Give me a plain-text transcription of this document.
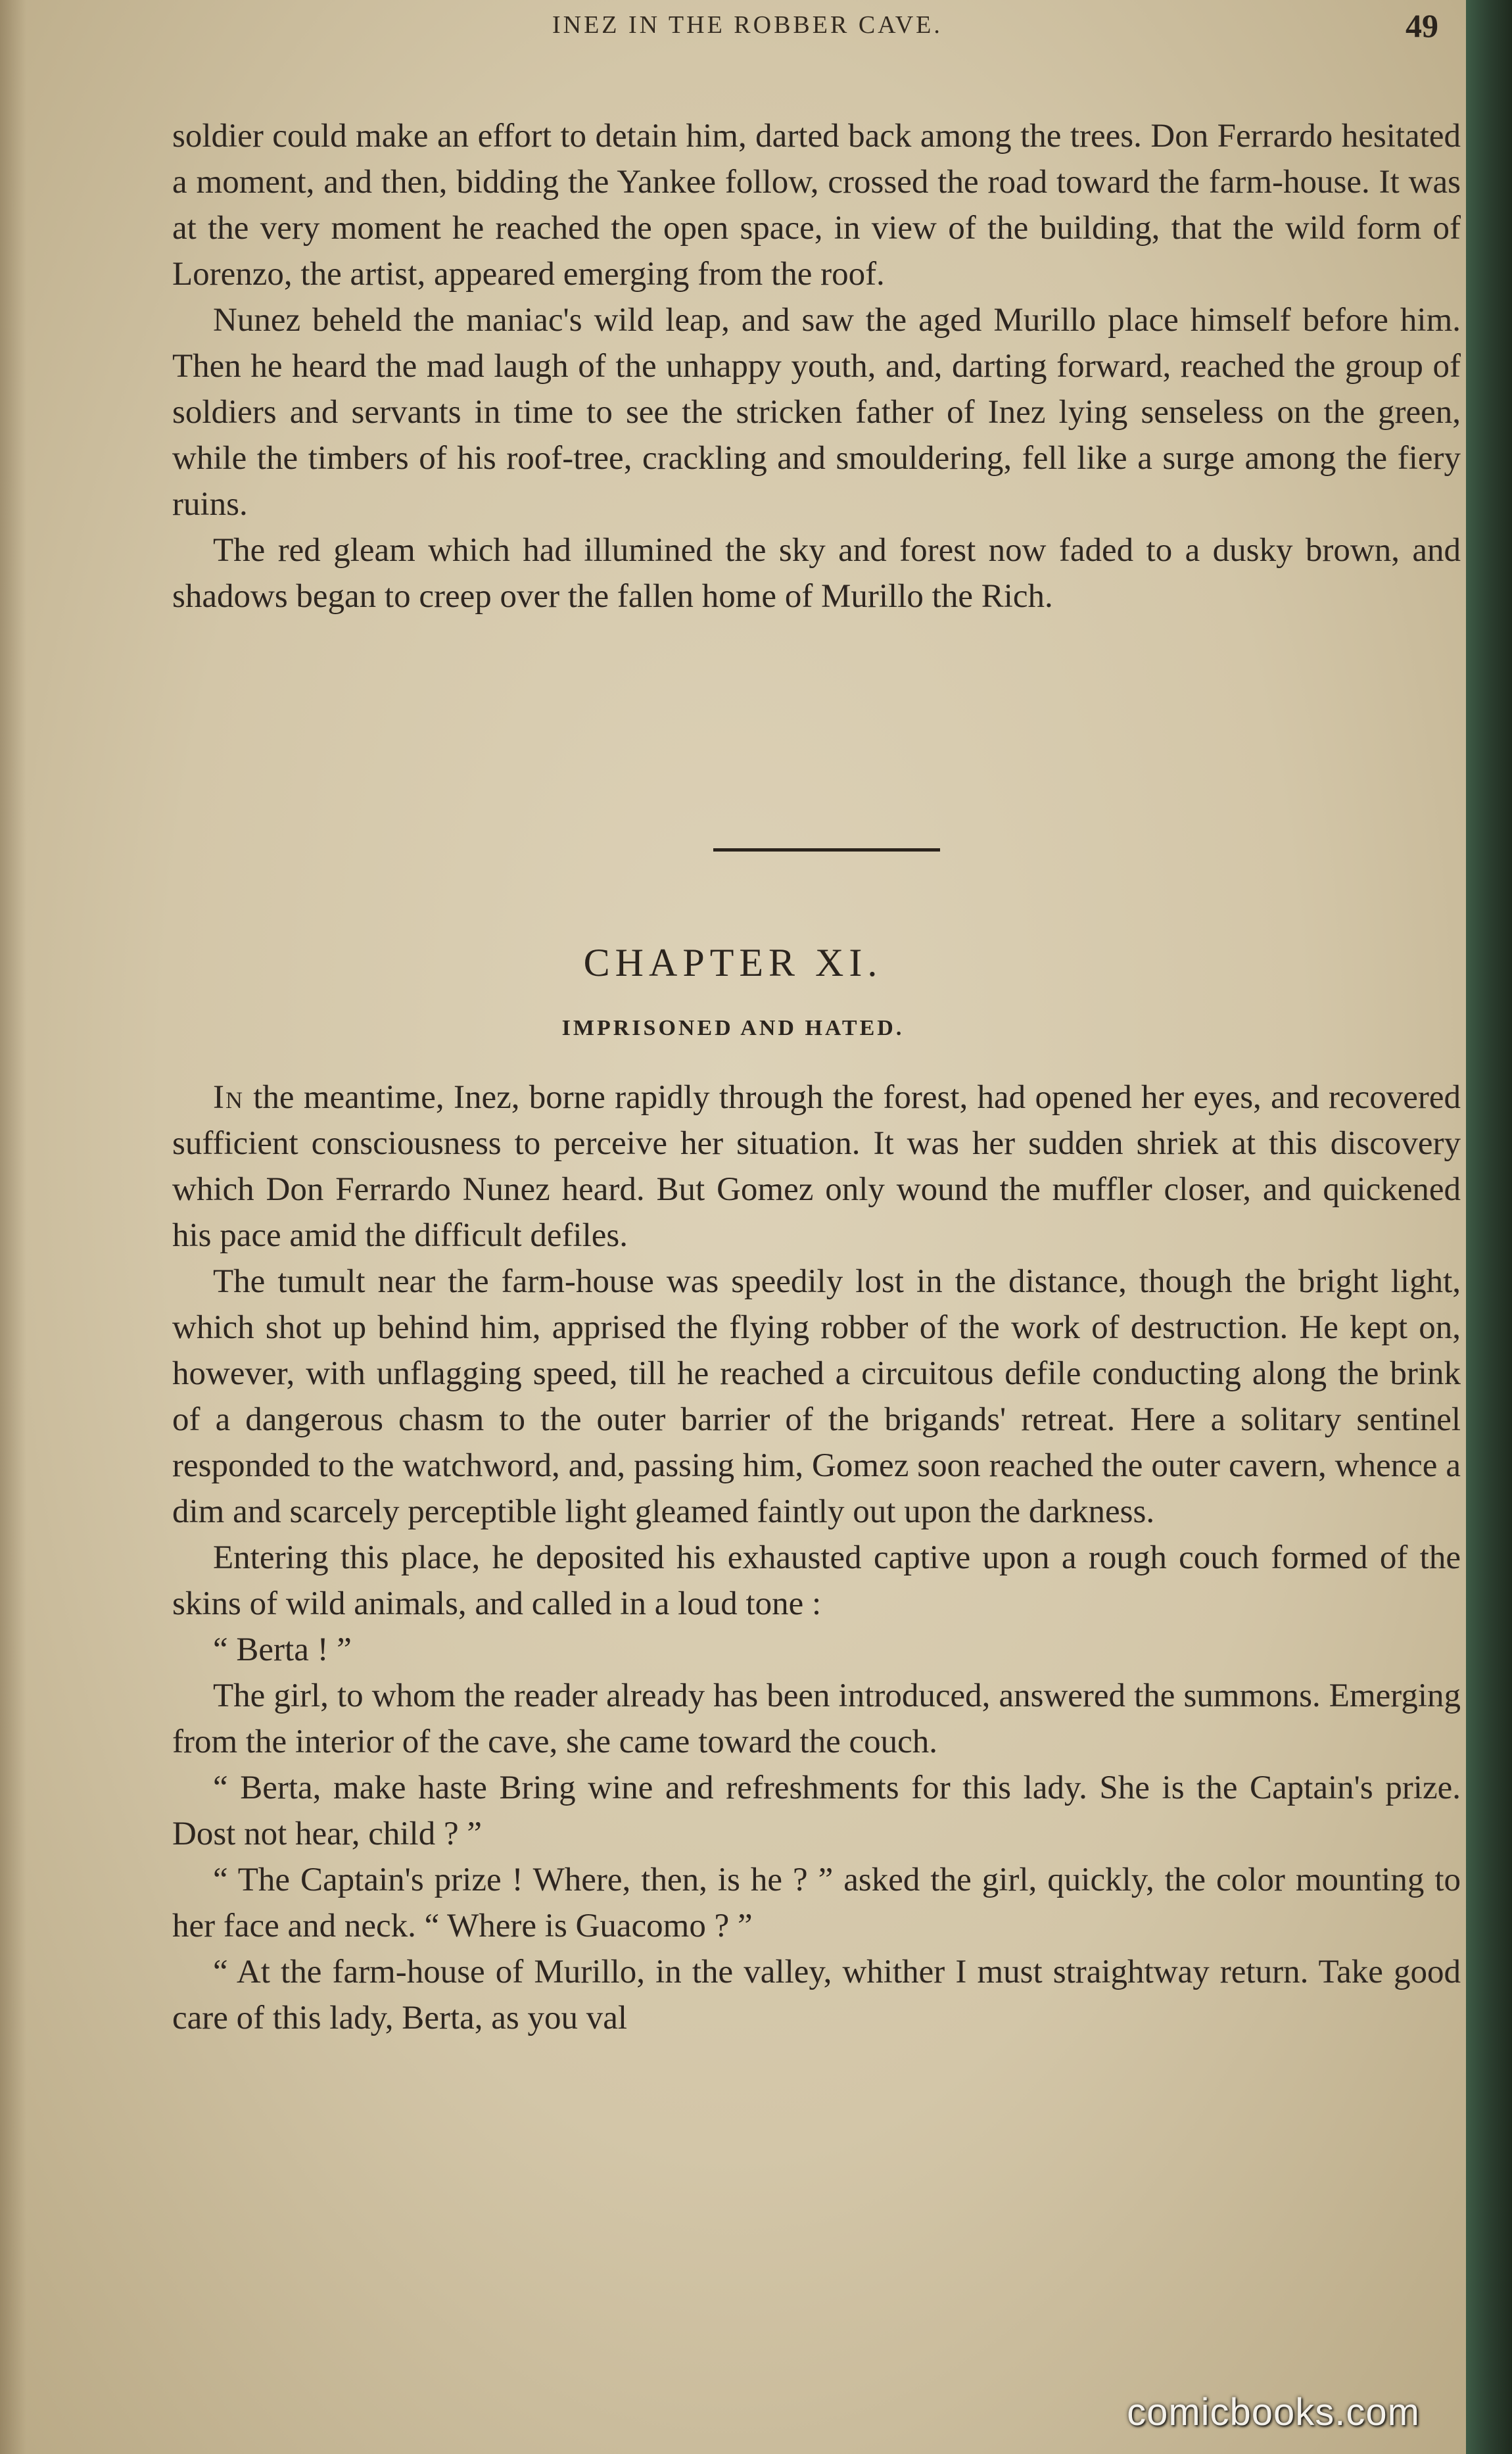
INEZ IN THE ROBBER CAVE.	49

soldier could make an effort to detain him, darted back among the trees. Don Ferrardo hesitated a moment, and then, bidding the Yankee follow, crossed the road toward the farm-house. It was at the very moment he reached the open space, in view of the building, that the wild form of Lorenzo, the artist, appeared emerging from the roof.

Nunez beheld the maniac's wild leap, and saw the aged Murillo place himself before him. Then he heard the mad laugh of the unhappy youth, and, darting forward, reached the group of soldiers and servants in time to see the stricken father of Inez lying senseless on the green, while the timbers of his roof-tree, crackling and smouldering, fell like a surge among the fiery ruins.

The red gleam which had illumined the sky and forest now faded to a dusky brown, and shadows began to creep over the fallen home of Murillo the Rich.

CHAPTER XI.
IMPRISONED AND HATED.

In the meantime, Inez, borne rapidly through the forest, had opened her eyes, and recovered sufficient consciousness to perceive her situation. It was her sudden shriek at this discovery which Don Ferrardo Nunez heard. But Gomez only wound the muffler closer, and quickened his pace amid the difficult defiles.

The tumult near the farm-house was speedily lost in the distance, though the bright light, which shot up behind him, apprised the flying robber of the work of destruction. He kept on, however, with unflagging speed, till he reached a circuitous defile conducting along the brink of a dangerous chasm to the outer barrier of the brigands' retreat. Here a solitary sentinel responded to the watchword, and, passing him, Gomez soon reached the outer cavern, whence a dim and scarcely perceptible light gleamed faintly out upon the darkness.

Entering this place, he deposited his exhausted captive upon a rough couch formed of the skins of wild animals, and called in a loud tone :

“ Berta ! ”

The girl, to whom the reader already has been introduced, answered the summons. Emerging from the interior of the cave, she came toward the couch.

“ Berta, make haste Bring wine and refreshments for this lady. She is the Captain's prize. Dost not hear, child ? ”

“ The Captain's prize ! Where, then, is he ? ” asked the girl, quickly, the color mounting to her face and neck. “ Where is Guacomo ? ”

“ At the farm-house of Murillo, in the valley, whither I must straightway return. Take good care of this lady, Berta, as you val

comicbooks.com
